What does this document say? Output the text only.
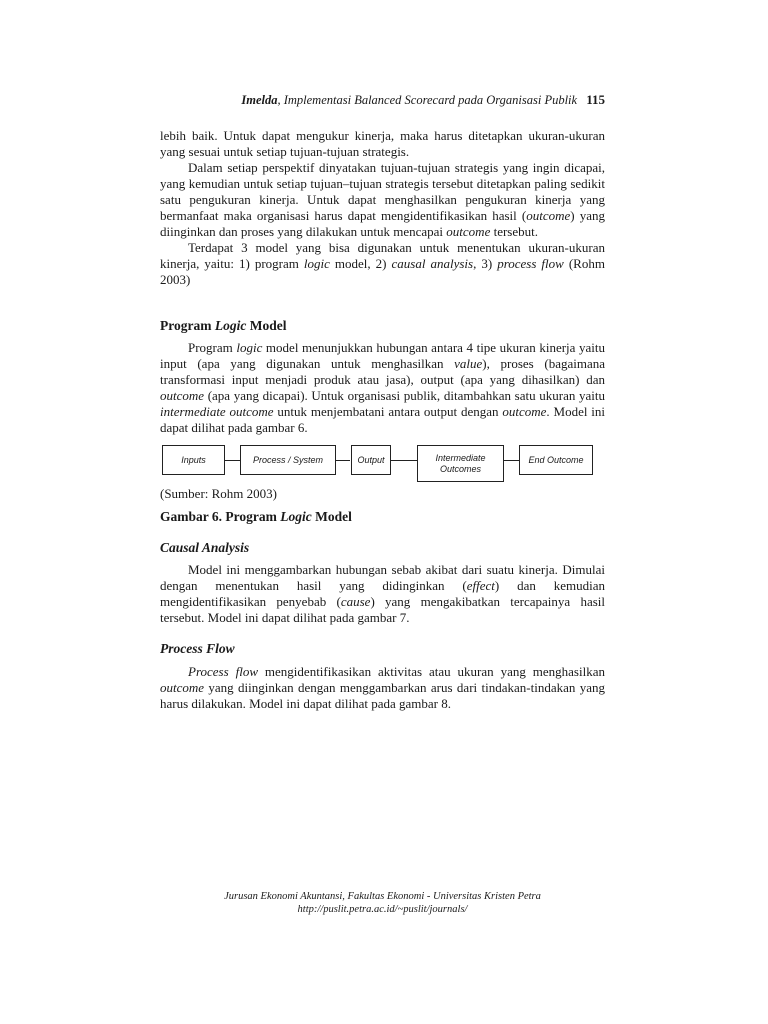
Imelda, Implementasi Balanced Scorecard pada Organisasi Publik 115

lebih baik. Untuk dapat mengukur kinerja, maka harus ditetapkan ukuran-ukuran yang sesuai untuk setiap tujuan-tujuan strategis.

Dalam setiap perspektif dinyatakan tujuan-tujuan strategis yang ingin dicapai, yang kemudian untuk setiap tujuan–tujuan strategis tersebut ditetapkan paling sedikit satu pengukuran kinerja. Untuk dapat menghasilkan pengukuran kinerja yang bermanfaat maka organisasi harus dapat mengidentifikasikan hasil (outcome) yang diinginkan dan proses yang dilakukan untuk mencapai outcome tersebut.

Terdapat 3 model yang bisa digunakan untuk menentukan ukuran-ukuran kinerja, yaitu: 1) program logic model, 2) causal analysis, 3) process flow (Rohm 2003)

Program Logic Model

Program logic model menunjukkan hubungan antara 4 tipe ukuran kinerja yaitu input (apa yang digunakan untuk menghasilkan value), proses (bagaimana transformasi input menjadi produk atau jasa), output (apa yang dihasilkan) dan outcome (apa yang dicapai). Untuk organisasi publik, ditambahkan satu ukuran yaitu intermediate outcome untuk menjembatani antara output dengan outcome. Model ini dapat dilihat pada gambar 6.

Inputs	Process / System	Output	Intermediate Outcomes
End Outcome
(Sumber: Rohm 2003)
Gambar 6. Program Logic Model
Causal Analysis

Model ini menggambarkan hubungan sebab akibat dari suatu kinerja. Dimulai dengan menentukan hasil yang didinginkan (effect) dan kemudian mengidentifikasikan penyebab (cause) yang mengakibatkan tercapainya hasil tersebut. Model ini dapat dilihat pada gambar 7.

Process Flow

Process flow mengidentifikasikan aktivitas atau ukuran yang menghasilkan outcome yang diinginkan dengan menggambarkan arus dari tindakan-tindakan yang harus dilakukan. Model ini dapat dilihat pada gambar 8.

Jurusan Ekonomi Akuntansi, Fakultas Ekonomi - Universitas Kristen Petra
http://puslit.petra.ac.id/~puslit/journals/
